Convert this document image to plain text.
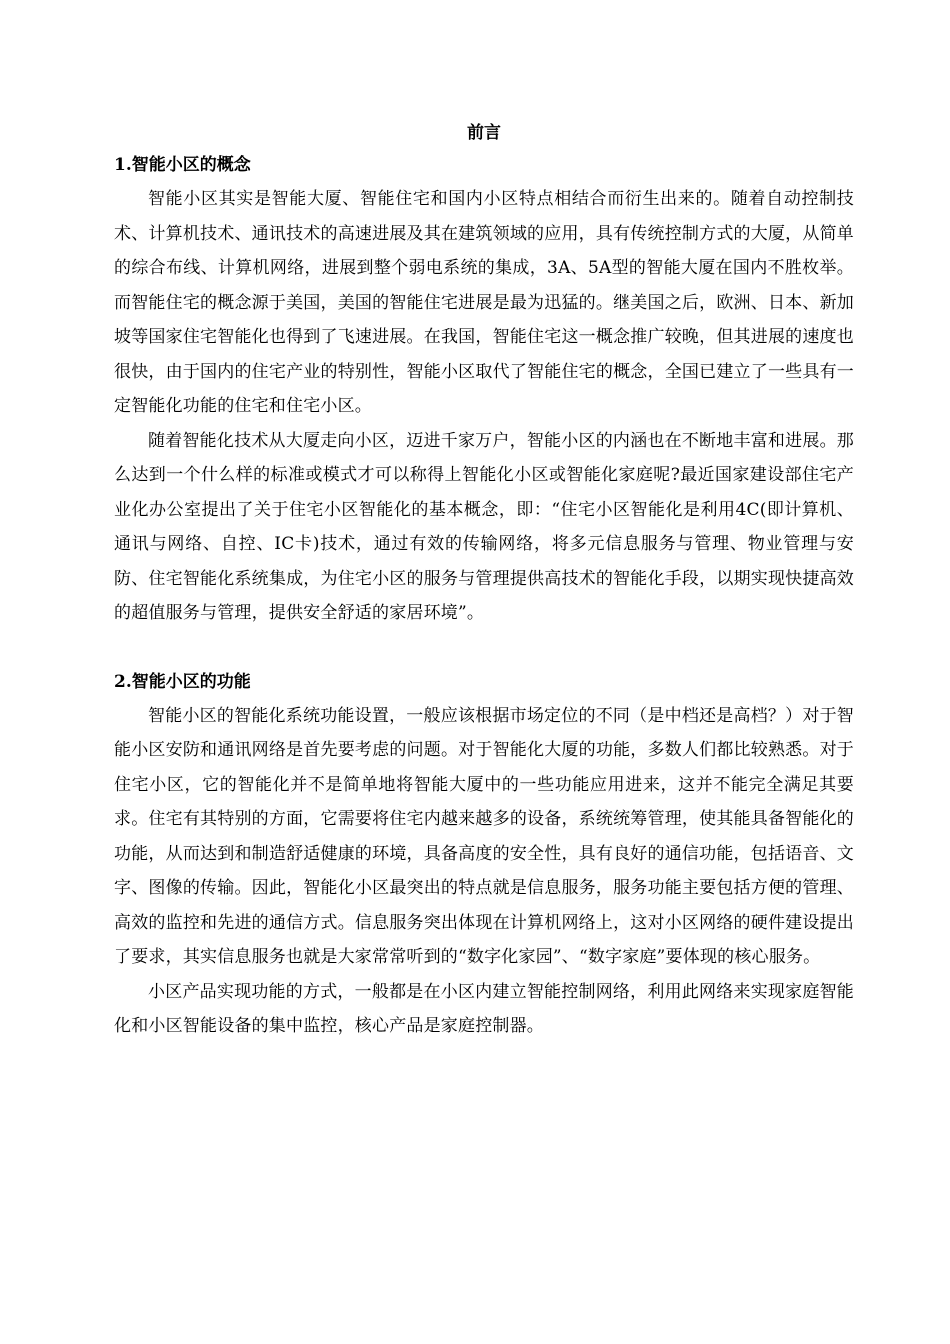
前言
1.智能小区的概念

智能小区其实是智能大厦、智能住宅和国内小区特点相结合而衍生出来的。随着自动控制技术、计算机技术、通讯技术的高速进展及其在建筑领域的应用，具有传统控制方式的大厦，从简单的综合布线、计算机网络，进展到整个弱电系统的集成，3A、5A型的智能大厦在国内不胜枚举。而智能住宅的概念源于美国，美国的智能住宅进展是最为迅猛的。继美国之后，欧洲、日本、新加坡等国家住宅智能化也得到了飞速进展。在我国，智能住宅这一概念推广较晚，但其进展的速度也很快，由于国内的住宅产业的特别性，智能小区取代了智能住宅的概念，全国已建立了一些具有一定智能化功能的住宅和住宅小区。

随着智能化技术从大厦走向小区，迈进千家万户，智能小区的内涵也在不断地丰富和进展。那么达到一个什么样的标准或模式才可以称得上智能化小区或智能化家庭呢?最近国家建设部住宅产业化办公室提出了关于住宅小区智能化的基本概念，即：“住宅小区智能化是利用4C(即计算机、通讯与网络、自控、IC卡)技术，通过有效的传输网络，将多元信息服务与管理、物业管理与安防、住宅智能化系统集成，为住宅小区的服务与管理提供高技术的智能化手段，以期实现快捷高效的超值服务与管理，提供安全舒适的家居环境”。

2.智能小区的功能

智能小区的智能化系统功能设置，一般应该根据市场定位的不同（是中档还是高档？）对于智能小区安防和通讯网络是首先要考虑的问题。对于智能化大厦的功能，多数人们都比较熟悉。对于住宅小区，它的智能化并不是简单地将智能大厦中的一些功能应用进来，这并不能完全满足其要求。住宅有其特别的方面，它需要将住宅内越来越多的设备，系统统筹管理，使其能具备智能化的功能，从而达到和制造舒适健康的环境，具备高度的安全性，具有良好的通信功能，包括语音、文字、图像的传输。因此，智能化小区最突出的特点就是信息服务，服务功能主要包括方便的管理、高效的监控和先进的通信方式。信息服务突出体现在计算机网络上，这对小区网络的硬件建设提出了要求，其实信息服务也就是大家常常听到的“数字化家园”、“数字家庭”要体现的核心服务。

小区产品实现功能的方式，一般都是在小区内建立智能控制网络，利用此网络来实现家庭智能化和小区智能设备的集中监控，核心产品是家庭控制器。
